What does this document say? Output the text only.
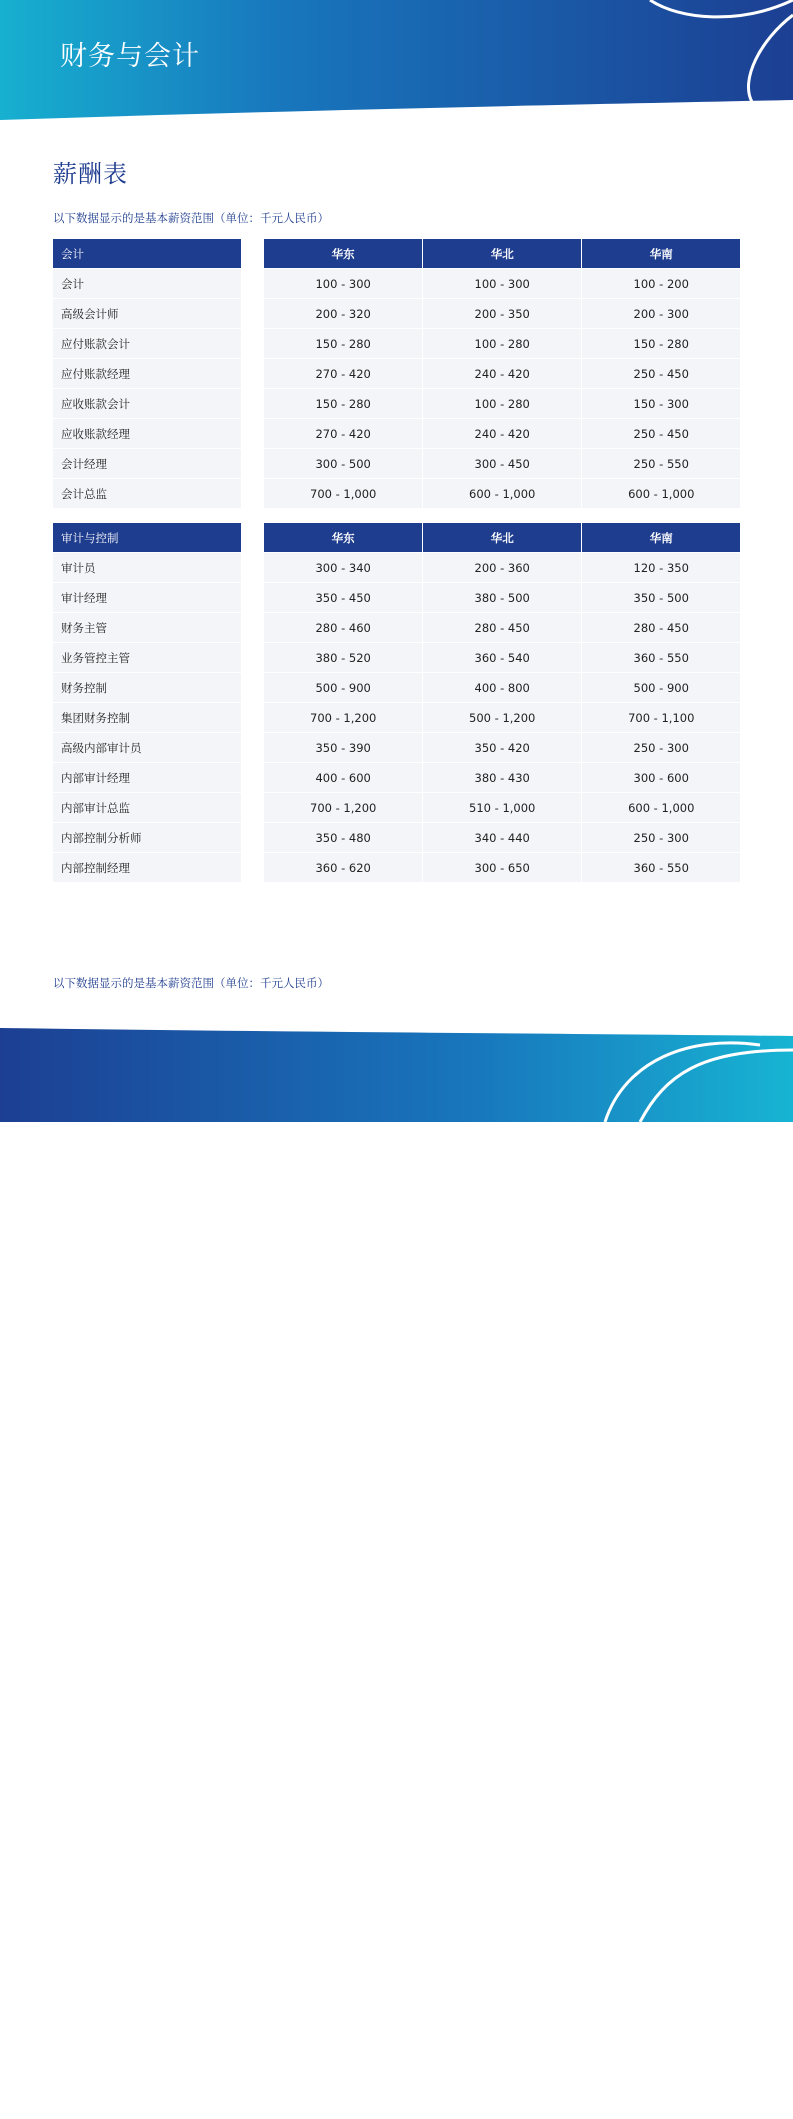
财务与会计
薪酬表
以下数据显示的是基本薪资范围（单位：千元人民币）
会计	华东	华北	华南
会计	100 - 300	100 - 300	100 - 200
高级会计师	200 - 320	200 - 350	200 - 300
应付账款会计	150 - 280	100 - 280	150 - 280
应付账款经理	270 - 420	240 - 420	250 - 450
应收账款会计	150 - 280	100 - 280	150 - 300
应收账款经理	270 - 420	240 - 420	250 - 450
会计经理	300 - 500	300 - 450	250 - 550
会计总监	700 - 1,000	600 - 1,000	600 - 1,000
审计与控制	华东	华北	华南
审计员	300 - 340	200 - 360	120 - 350
审计经理	350 - 450	380 - 500	350 - 500
财务主管	280 - 460	280 - 450	280 - 450
业务管控主管	380 - 520	360 - 540	360 - 550
财务控制	500 - 900	400 - 800	500 - 900
集团财务控制	700 - 1,200	500 - 1,200	700 - 1,100
高级内部审计员	350 - 390	350 - 420	250 - 300
内部审计经理	400 - 600	380 - 430	300 - 600
内部审计总监	700 - 1,200	510 - 1,000	600 - 1,000
内部控制分析师	350 - 480	340 - 440	250 - 300
内部控制经理	360 - 620	300 - 650	360 - 550
以下数据显示的是基本薪资范围（单位：千元人民币）
MichaelPage
15
